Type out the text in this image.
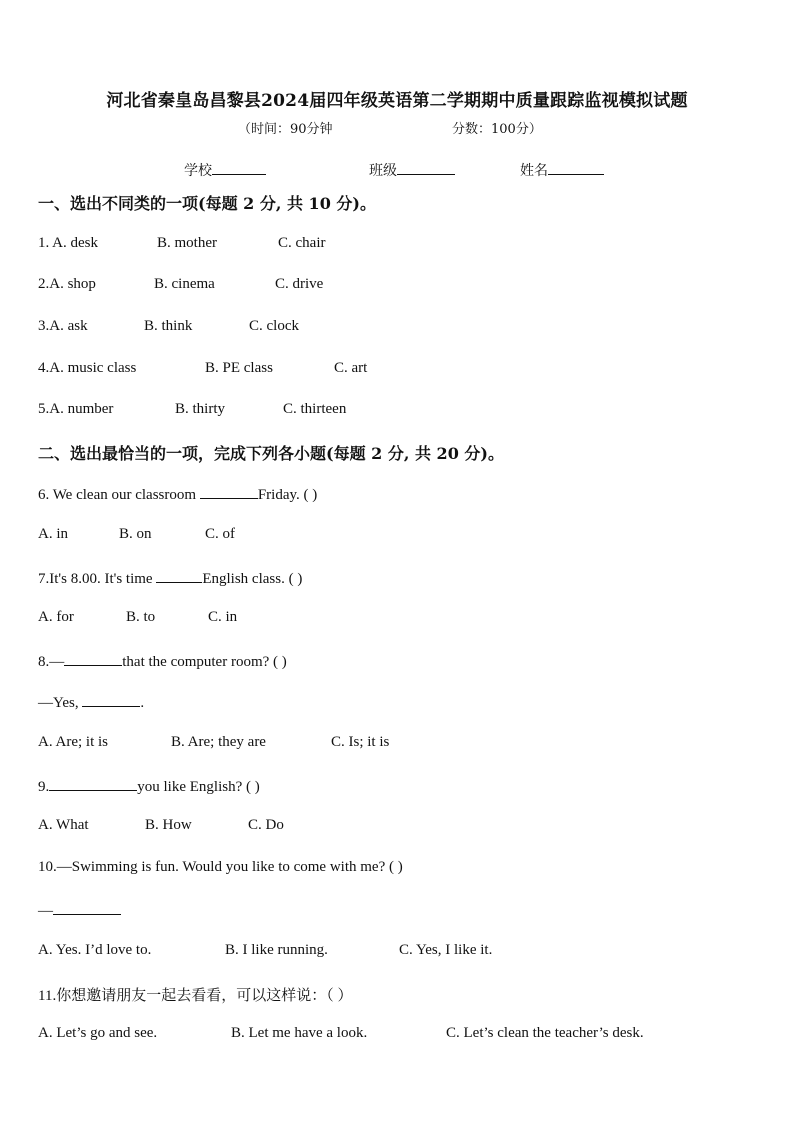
河北省秦皇岛昌黎县2024届四年级英语第二学期期中质量跟踪监视模拟试题
（时间：90分钟	分数：100分）
学校	班级	姓名
一、选出不同类的一项(每题 2 分, 共 10 分)。
1. A. desk	B. mother	C. chair
2.A. shop	B. cinema	C. drive
3.A. ask	B. think	C. clock
4.A. music class	B. PE class	C. art
5.A. number	B. thirty	C. thirteen
二、选出最恰当的一项，完成下列各小题(每题 2 分, 共 20 分)。
6. We clean our classroom	Friday. ( )
A. in	B. on	C. of
7.It's 8.00. It's time	English class. ( )
A. for	B. to	C. in
8.—	that the computer room? ( )
—Yes,	.
A. Are; it is	B. Are; they are	C. Is; it is
9.	you like English? ( )
A. What	B. How	C. Do
10.—Swimming is fun. Would you like to come with me? ( )
—
A. Yes. I’d love to.	B. I like running.	C. Yes, I like it.
11.你想邀请朋友一起去看看，可以这样说：（ ）
A. Let’s go and see.	B. Let me have a look.	C. Let’s clean the teacher’s desk.
